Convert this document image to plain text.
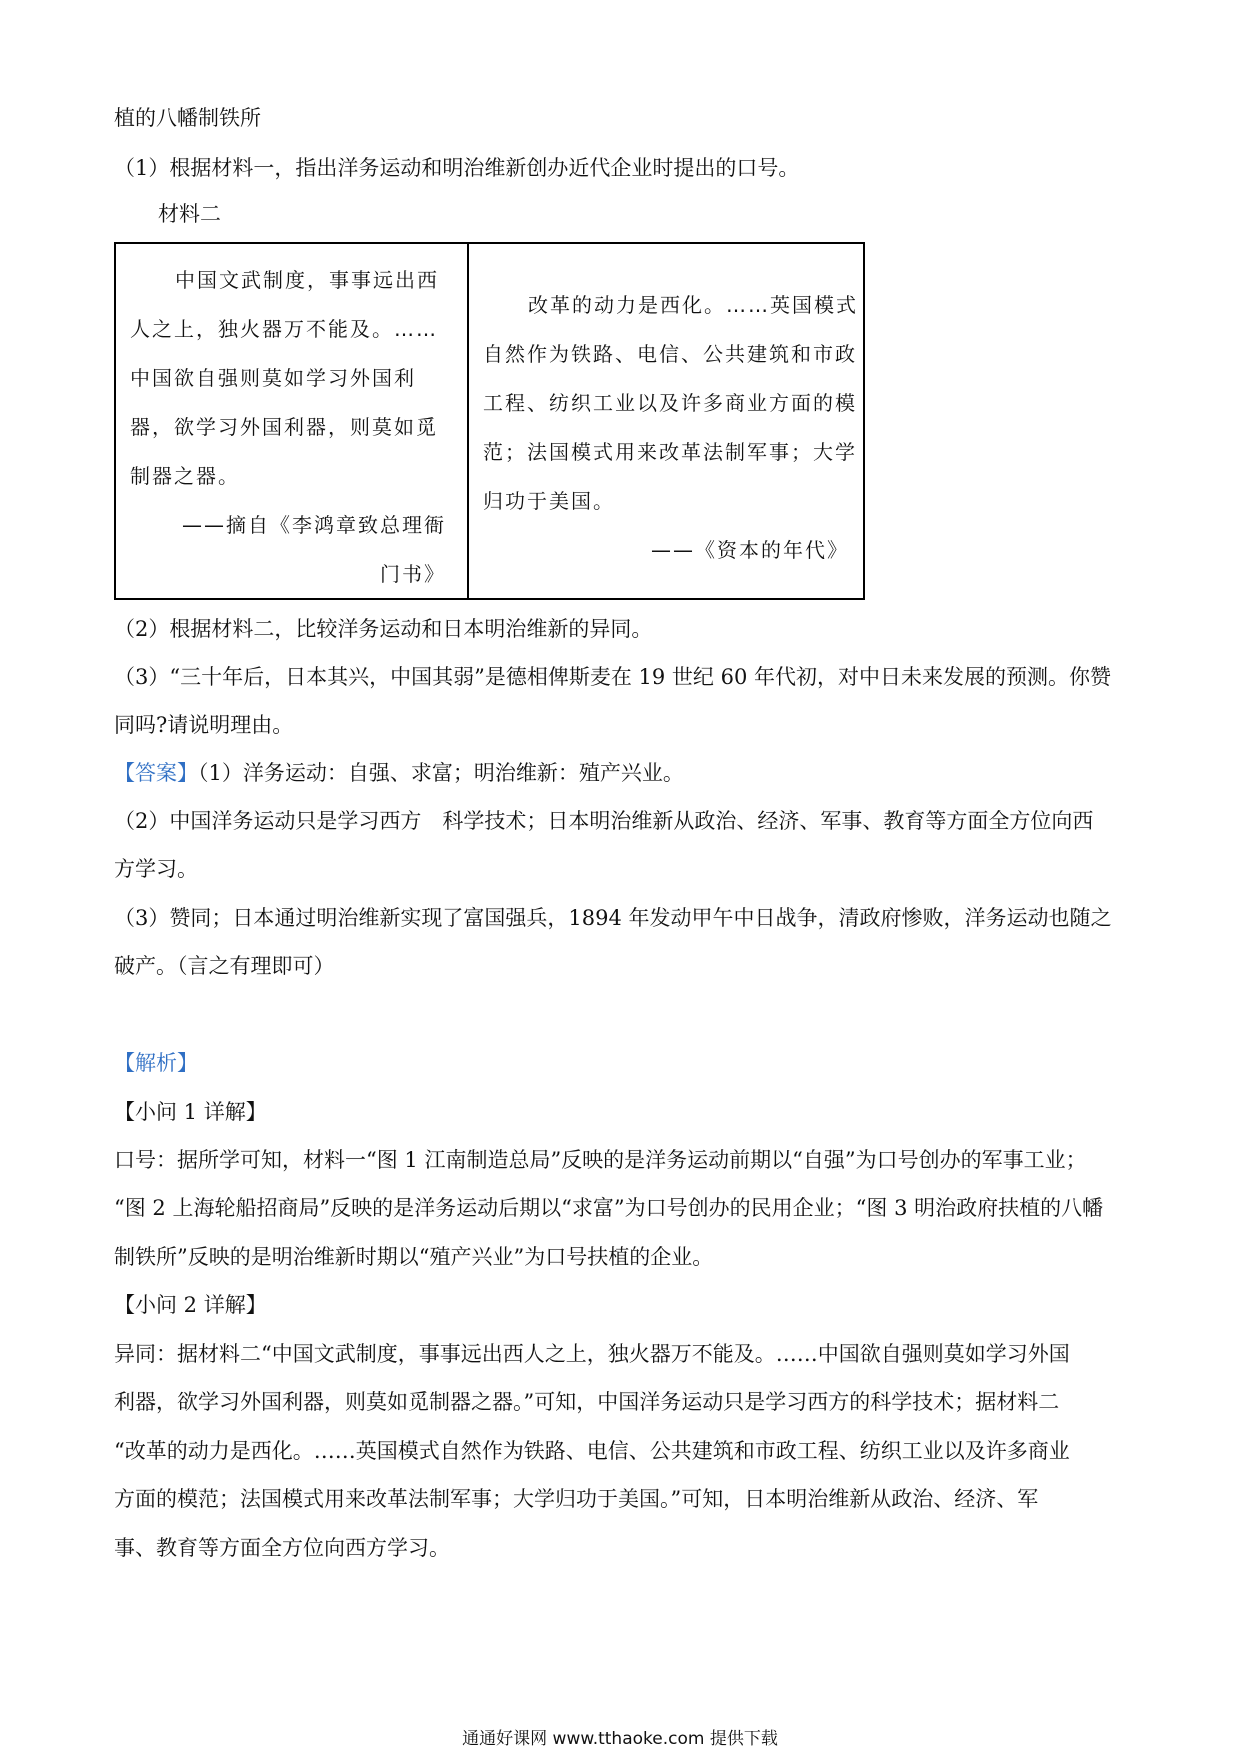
植的八幡制铁所
（1）根据材料一，指出洋务运动和明治维新创办近代企业时提出的口号。
材料二
中国文武制度，事事远出西
人之上，独火器万不能及。……
中国欲自强则莫如学习外国利
器，欲学习外国利器，则莫如觅
制器之器。
——摘自《李鸿章致总理衙
门书》
改革的动力是西化。……英国模式
自然作为铁路、电信、公共建筑和市政
工程、纺织工业以及许多商业方面的模
范；法国模式用来改革法制军事；大学
归功于美国。
——《资本的年代》
（2）根据材料二，比较洋务运动和日本明治维新的异同。
（3）“三十年后，日本其兴，中国其弱”是德相俾斯麦在 19 世纪 60 年代初，对中日未来发展的预测。你赞
同吗?请说明理由。
【答案】（1）洋务运动：自强、求富；明治维新：殖产兴业。
（2）中国洋务运动只是学习西方　科学技术；日本明治维新从政治、经济、军事、教育等方面全方位向西
方学习。
（3）赞同；日本通过明治维新实现了富国强兵，1894 年发动甲午中日战争，清政府惨败，洋务运动也随之
破产。（言之有理即可）
【解析】
【小问 1 详解】
口号：据所学可知，材料一“图 1 江南制造总局”反映的是洋务运动前期以“自强”为口号创办的军事工业；
“图 2 上海轮船招商局”反映的是洋务运动后期以“求富”为口号创办的民用企业；“图 3 明治政府扶植的八幡
制铁所”反映的是明治维新时期以“殖产兴业”为口号扶植的企业。
【小问 2 详解】
异同：据材料二“中国文武制度，事事远出西人之上，独火器万不能及。……中国欲自强则莫如学习外国
利器，欲学习外国利器，则莫如觅制器之器。”可知，中国洋务运动只是学习西方的科学技术；据材料二
“改革的动力是西化。……英国模式自然作为铁路、电信、公共建筑和市政工程、纺织工业以及许多商业
方面的模范；法国模式用来改革法制军事；大学归功于美国。”可知，日本明治维新从政治、经济、军
事、教育等方面全方位向西方学习。
通通好课网 www.tthaoke.com 提供下载
